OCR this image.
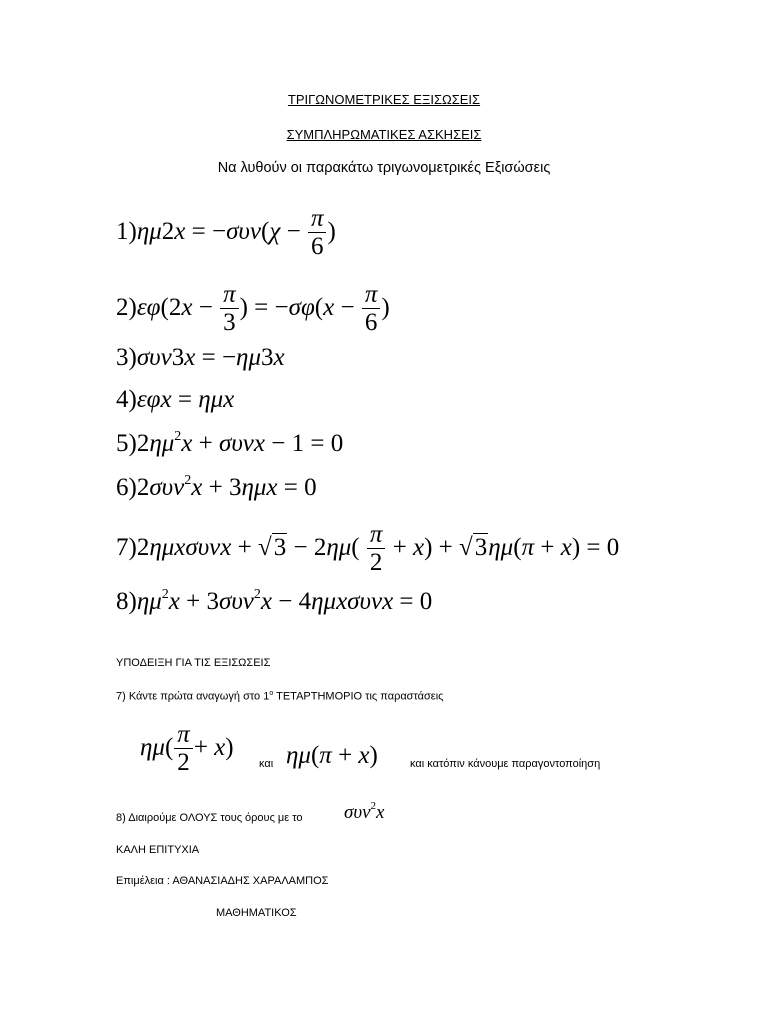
ΤΡΙΓΩΝΟΜΕΤΡΙΚΕΣ ΕΞΙΣΩΣΕΙΣ
ΣΥΜΠΛΗΡΩΜΑΤΙΚΕΣ ΑΣΚΗΣΕΙΣ
Να λυθούν οι παρακάτω τριγωνομετρικές Εξισώσεις
$1)\eta\mu 2x = -\sigma\upsilon\nu(\chi - \frac{\pi}{6}$ )
$2)\varepsilon\varphi(2x - \frac{\pi}{3}$ ) = $-\sigma\varphi(x - \frac{\pi}{6}$ )
3)συν3x = −ημ3x
4)εφx = ημx
$5)2\eta\mu^2x + \sigma\upsilon\nu x - 1 = 0$
6)2συν$^2$x + 3ημx = 0
$7)2\eta\mu x\sigma\upsilon\nu x + √3 - 2\eta\mu( \frac{\pi}{2} + x) + √3\eta\mu(\pi + x) = 0$
$8)\eta\mu^2x + 3\sigma\upsilon\nu^2x - 4\eta\mu x\sigma\upsilon\nu x = 0$
ΥΠΟΔΕΙΞΗ ΓΙΑ ΤΙΣ ΕΞΙΣΩΣΕΙΣ
7) Κάντε πρώτα αναγωγή στο $1^o$ ΤΕΤΑΡΤΗΜΟΡΙΟ τις παραστάσεις
$\eta\mu( \frac{\pi}{2} + x)$
και ημ(π + x)	και κατόπιν κάνουμε παραγοντοποίηση
8) Διαιρούμε ΟΛΟΥΣ τους όρους με το συν$^2$x
ΚΑΛΗ ΕΠΙΤΥΧΙΑ
Επιμέλεια : ΑΘΑΝΑΣΙΑΔΗΣ ΧΑΡΑΛΑΜΠΟΣ
ΜΑΘΗΜΑΤΙΚΟΣ
